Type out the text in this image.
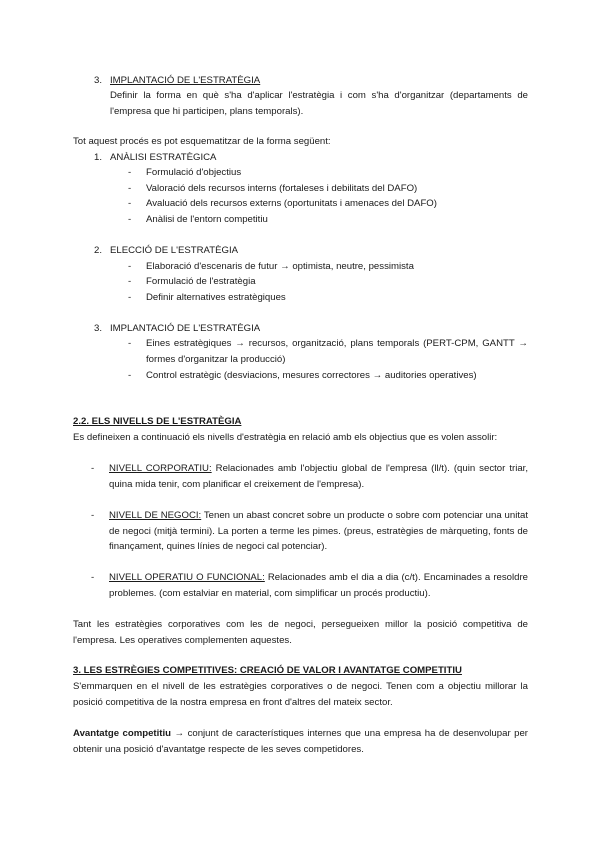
3. IMPLANTACIÓ DE L'ESTRATÈGIA
Definir la forma en què s'ha d'aplicar l'estratègia i com s'ha d'organitzar (departaments de l'empresa que hi participen, plans temporals).
Tot aquest procés es pot esquematitzar de la forma següent:
1. ANÀLISI ESTRATÈGICA
- Formulació d'objectius
- Valoració dels recursos interns (fortaleses i debilitats del DAFO)
- Avaluació dels recursos externs (oportunitats i amenaces del DAFO)
- Anàlisi de l'entorn competitiu
2. ELECCIÓ DE L'ESTRATÈGIA
- Elaboració d'escenaris de futur → optimista, neutre, pessimista
- Formulació de l'estratègia
- Definir alternatives estratègiques
3. IMPLANTACIÓ DE L'ESTRATÈGIA
- Eines estratègiques → recursos, organització, plans temporals (PERT-CPM, GANTT → formes d'organitzar la producció)
- Control estratègic (desviacions, mesures correctores → auditories operatives)
2.2. ELS NIVELLS DE L'ESTRATÈGIA
Es defineixen a continuació els nivells d'estratègia en relació amb els objectius que es volen assolir:
- NIVELL CORPORATIU: Relacionades amb l'objectiu global de l'empresa (ll/t). (quin sector triar, quina mida tenir, com planificar el creixement de l'empresa).
- NIVELL DE NEGOCI: Tenen un abast concret sobre un producte o sobre com potenciar una unitat de negoci (mitjà termini). La porten a terme les pimes. (preus, estratègies de màrqueting, fonts de finançament, quines línies de negoci cal potenciar).
- NIVELL OPERATIU O FUNCIONAL: Relacionades amb el dia a dia (c/t). Encaminades a resoldre problemes. (com estalviar en material, com simplificar un procés productiu).
Tant les estratègies corporatives com les de negoci, persegueixen millor la posició competitiva de l'empresa. Les operatives complementen aquestes.
3. LES ESTRÈGIES COMPETITIVES: CREACIÓ DE VALOR I AVANTATGE COMPETITIU
S'emmarquen en el nivell de les estratègies corporatives o de negoci. Tenen com a objectiu millorar la posició competitiva de la nostra empresa en front d'altres del mateix sector.
Avantatge competitiu → conjunt de característiques internes que una empresa ha de desenvolupar per obtenir una posició d'avantatge respecte de les seves competidores.
